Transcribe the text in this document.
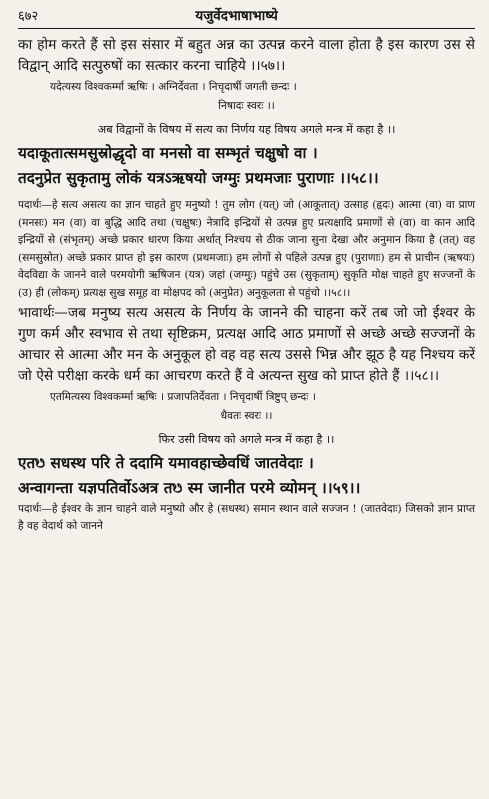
६७२	यजुर्वेदभाषाभाष्ये

का होम करते हैं सो इस संसार में बहुत अन्न का उत्पन्न करने वाला होता है इस कारण उस से विद्वान् आदि सत्पुरुषों का सत्कार करना चाहिये ।।५७।।

यदेत्यस्य विश्वकर्म्मा ऋषिः । अग्निर्देवता । निचृदार्षी जगती छन्दः ।
निषादः स्वरः ।।
अब विद्वानों के विषय में सत्य का निर्णय यह विषय अगले मन्त्र में कहा है ।।
यदाकूतात्समसुस्रोद्धृदो वा मनसो वा सम्भृतं चक्षुषो वा ।
तदनुप्रेत सुकृतामु लोकं यत्रऽऋषयो जग्मुः प्रथमजाः पुराणाः ।।५८।।

पदार्थः—हे सत्य असत्य का ज्ञान चाहते हुए मनुष्यो ! तुम लोग (यत्) जो (आकूतात्) उत्साह (हृदः) आत्मा (वा) वा प्राण (मनसः) मन (वा) वा बुद्धि आदि तथा (चक्षुषः) नेत्रादि इन्द्रियों से उत्पन्न हुए प्रत्यक्षादि प्रमाणों से (वा) वा कान आदि इन्द्रियों से (संभृतम्) अच्छे प्रकार धारण किया अर्थात् निश्चय से ठीक जाना सुना देखा और अनुमान किया है (तत्) वह (समसुस्रोत) अच्छे प्रकार प्राप्त हो इस कारण (प्रथमजाः) हम लोगों से पहिले उत्पन्न हुए (पुराणाः) हम से प्राचीन (ऋषयः) वेदविद्या के जानने वाले परमयोगी ऋषिजन (यत्र) जहां (जग्मुः) पहुंचे उस (सुकृताम्) सुकृति मोक्ष चाहते हुए सज्जनों के (उ) ही (लोकम्) प्रत्यक्ष सुख समूह वा मोक्षपद को (अनुप्रेत) अनुकूलता से पहुंचो ।।५८।।

भावार्थः—जब मनुष्य सत्य असत्य के निर्णय के जानने की चाहना करें तब जो जो ईश्वर के गुण कर्म और स्वभाव से तथा सृष्टिक्रम, प्रत्यक्ष आदि आठ प्रमाणों से अच्छे अच्छे सज्जनों के आचार से आत्मा और मन के अनुकूल हो वह वह सत्य उससे भिन्न और झूठ है यह निश्चय करें जो ऐसे परीक्षा करके धर्म का आचरण करते हैं वे अत्यन्त सुख को प्राप्त होते हैं ।।५८।।

एतमित्यस्य विश्वकर्म्मा ऋषिः । प्रजापतिर्देवता । निचृदार्षी त्रिष्टुप् छन्दः ।
धैवतः स्वरः ।।
फिर उसी विषय को अगले मन्त्र में कहा है ।।
एतᳫ सधस्थ परि ते ददामि यमावहाच्छेवधिं जातवेदाः ।
अन्वागन्ता यज्ञपतिर्वोऽअत्र तᳫ स्म जानीत परमे व्योमन् ।।५९।।

पदार्थः—हे ईश्वर के ज्ञान चाहने वाले मनुष्यो और हे (सधस्थ) समान स्थान वाले सज्जन ! (जातवेदाः) जिसको ज्ञान प्राप्त है वह वेदार्थ को जानने
